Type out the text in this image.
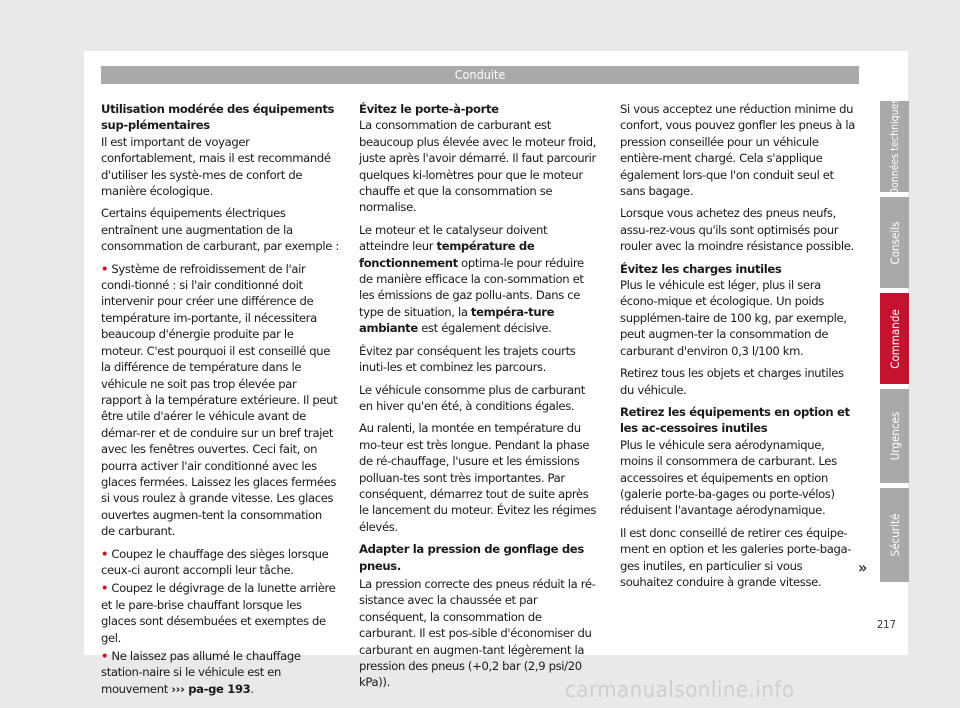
Conduite
Utilisation modérée des équipements sup-plémentaires

Il est important de voyager confortablement, mais il est recommandé d'utiliser les systè-mes de confort de manière écologique.

Certains équipements électriques entraînent une augmentation de la consommation de carburant, par exemple :

• Système de refroidissement de l'air condi-tionné : si l'air conditionné doit intervenir pour créer une différence de température im-portante, il nécessitera beaucoup d'énergie produite par le moteur. C'est pourquoi il est conseillé que la différence de température dans le véhicule ne soit pas trop élevée par rapport à la température extérieure. Il peut être utile d'aérer le véhicule avant de démar-rer et de conduire sur un bref trajet avec les fenêtres ouvertes. Ceci fait, on pourra activer l'air conditionné avec les glaces fermées. Laissez les glaces fermées si vous roulez à grande vitesse. Les glaces ouvertes augmen-tent la consommation de carburant.

• Coupez le chauffage des sièges lorsque ceux-ci auront accompli leur tâche.

• Coupez le dégivrage de la lunette arrière et le pare-brise chauffant lorsque les glaces sont désembuées et exemptes de gel.

• Ne laissez pas allumé le chauffage station-naire si le véhicule est en mouvement ››› pa-ge 193.

Évitez le porte-à-porte

La consommation de carburant est beaucoup plus élevée avec le moteur froid, juste après l'avoir démarré. Il faut parcourir quelques ki-lomètres pour que le moteur chauffe et que la consommation se normalise.

Le moteur et le catalyseur doivent atteindre leur température de fonctionnement optima-le pour réduire de manière efficace la con-sommation et les émissions de gaz pollu-ants. Dans ce type de situation, la tempéra-ture ambiante est également décisive.

Évitez par conséquent les trajets courts inuti-les et combinez les parcours.

Le véhicule consomme plus de carburant en hiver qu'en été, à conditions égales.

Au ralenti, la montée en température du mo-teur est très longue. Pendant la phase de ré-chauffage, l'usure et les émissions polluan-tes sont très importantes. Par conséquent, démarrez tout de suite après le lancement du moteur. Évitez les régimes élevés.

Adapter la pression de gonflage des pneus.

La pression correcte des pneus réduit la ré-sistance avec la chaussée et par conséquent, la consommation de carburant. Il est pos-sible d'économiser du carburant en augmen-tant légèrement la pression des pneus (+0,2 bar (2,9 psi/20 kPa)).

Si vous acceptez une réduction minime du confort, vous pouvez gonfler les pneus à la pression conseillée pour un véhicule entière-ment chargé. Cela s'applique également lors-que l'on conduit seul et sans bagage.

Lorsque vous achetez des pneus neufs, assu-rez-vous qu'ils sont optimisés pour rouler avec la moindre résistance possible.

Évitez les charges inutiles

Plus le véhicule est léger, plus il sera écono-mique et écologique. Un poids supplémen-taire de 100 kg, par exemple, peut augmen-ter la consommation de carburant d'environ 0,3 l/100 km.

Retirez tous les objets et charges inutiles du véhicule.

Retirez les équipements en option et les ac-cessoires inutiles

Plus le véhicule sera aérodynamique, moins il consommera de carburant. Les accessoires et équipements en option (galerie porte-ba-gages ou porte-vélos) réduisent l'avantage aérodynamique.

Il est donc conseillé de retirer ces équipe-ment en option et les galeries porte-baga-ges inutiles, en particulier si vous souhaitez conduire à grande vitesse.

»
Données techniques
Conseils
Commande
Urgences
Sécurité
217
carmanualsonline.info
